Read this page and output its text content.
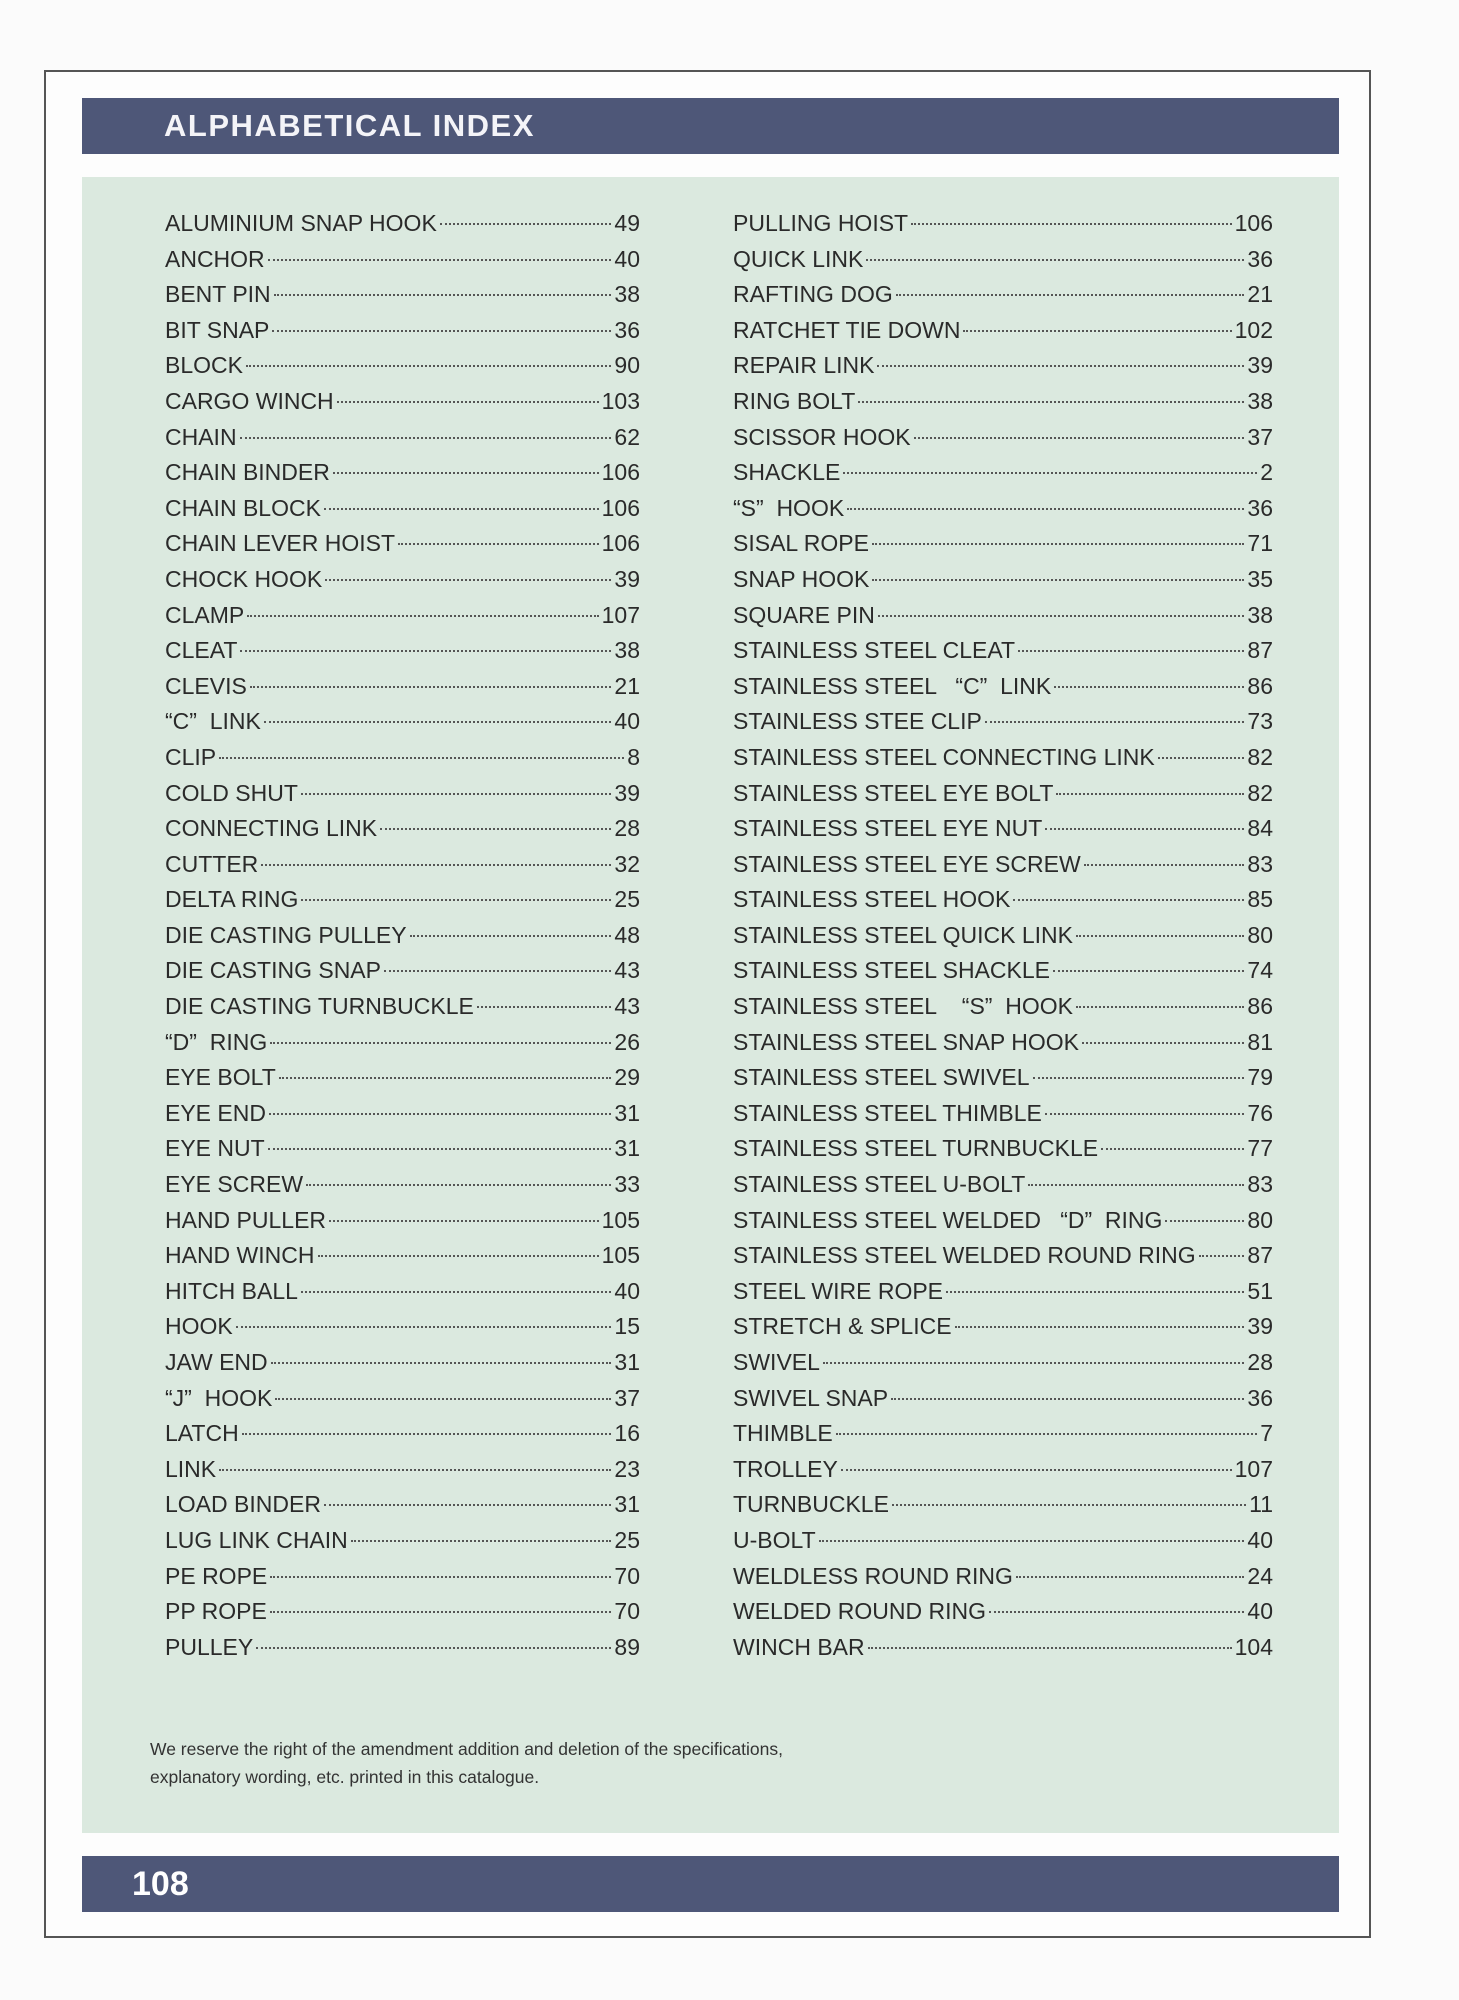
ALPHABETICAL INDEX
ALUMINIUM SNAP HOOK	49
ANCHOR	40
BENT PIN	38
BIT SNAP	36
BLOCK	90
CARGO WINCH	103
CHAIN	62
CHAIN BINDER	106
CHAIN BLOCK	106
CHAIN LEVER HOIST	106
CHOCK HOOK	39
CLAMP	107
CLEAT	38
CLEVIS	21
“C”  LINK	40
CLIP	8
COLD SHUT	39
CONNECTING LINK	28
CUTTER	32
DELTA RING	25
DIE CASTING PULLEY	48
DIE CASTING SNAP	43
DIE CASTING TURNBUCKLE	43
“D”  RING	26
EYE BOLT	29
EYE END	31
EYE NUT	31
EYE SCREW	33
HAND PULLER	105
HAND WINCH	105
HITCH BALL	40
HOOK	15
JAW END	31
“J”  HOOK	37
LATCH	16
LINK	23
LOAD BINDER	31
LUG LINK CHAIN	25
PE ROPE	70
PP ROPE	70
PULLEY	89
PULLING HOIST	106
QUICK LINK	36
RAFTING DOG	21
RATCHET TIE DOWN	102
REPAIR LINK	39
RING BOLT	38
SCISSOR HOOK	37
SHACKLE	2
“S”  HOOK	36
SISAL ROPE	71
SNAP HOOK	35
SQUARE PIN	38
STAINLESS STEEL CLEAT	87
STAINLESS STEEL   “C”  LINK	86
STAINLESS STEE CLIP	73
STAINLESS STEEL CONNECTING LINK	82
STAINLESS STEEL EYE BOLT	82
STAINLESS STEEL EYE NUT	84
STAINLESS STEEL EYE SCREW	83
STAINLESS STEEL HOOK	85
STAINLESS STEEL QUICK LINK	80
STAINLESS STEEL SHACKLE	74
STAINLESS STEEL    “S”  HOOK	86
STAINLESS STEEL SNAP HOOK	81
STAINLESS STEEL SWIVEL	79
STAINLESS STEEL THIMBLE	76
STAINLESS STEEL TURNBUCKLE	77
STAINLESS STEEL U-BOLT	83
STAINLESS STEEL WELDED   “D”  RING	80
STAINLESS STEEL WELDED ROUND RING 87
STEEL WIRE ROPE	51
STRETCH & SPLICE	39
SWIVEL	28
SWIVEL SNAP	36
THIMBLE	7
TROLLEY	107
TURNBUCKLE	11
U-BOLT	40
WELDLESS ROUND RING	24
WELDED ROUND RING	40
WINCH BAR	104
We reserve the right of the amendment addition and deletion of the specifications,
explanatory wording, etc. printed in this catalogue.
108
